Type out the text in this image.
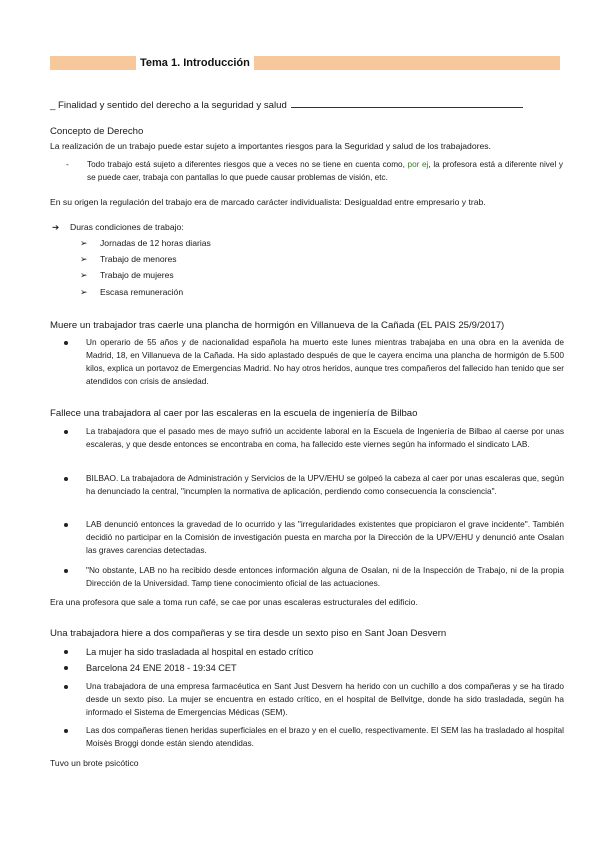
Tema 1. Introducción
_ Finalidad y sentido del derecho a la seguridad y salud
Concepto de Derecho
La realización de un trabajo puede estar sujeto a importantes riesgos para la Seguridad y salud de los trabajadores.
- Todo trabajo está sujeto a diferentes riesgos que a veces no se tiene en cuenta como, por ej, la profesora está a diferente nivel y se puede caer, trabaja con pantallas lo que puede causar problemas de visión, etc.
En su origen la regulación del trabajo era de marcado carácter individualista: Desigualdad entre empresario y trab.
➔ Duras condiciones de trabajo:
➢ Jornadas de 12 horas diarias
➢ Trabajo de menores
➢ Trabajo de mujeres
➢ Escasa remuneración
Muere un trabajador tras caerle una plancha de hormigón en Villanueva de la Cañada (EL PAIS 25/9/2017)
Un operario de 55 años y de nacionalidad española ha muerto este lunes mientras trabajaba en una obra en la avenida de Madrid, 18, en Villanueva de la Cañada. Ha sido aplastado después de que le cayera encima una plancha de hormigón de 5.500 kilos, explica un portavoz de Emergencias Madrid. No hay otros heridos, aunque tres compañeros del fallecido han tenido que ser atendidos con crisis de ansiedad.
Fallece una trabajadora al caer por las escaleras en la escuela de ingeniería de Bilbao
La trabajadora que el pasado mes de mayo sufrió un accidente laboral en la Escuela de Ingeniería de Bilbao al caerse por unas escaleras, y que desde entonces se encontraba en coma, ha fallecido este viernes según ha informado el sindicato LAB.
BILBAO. La trabajadora de Administración y Servicios de la UPV/EHU se golpeó la cabeza al caer por unas escaleras que, según ha denunciado la central, "incumplen la normativa de aplicación, perdiendo como consecuencia la consciencia".
LAB denunció entonces la gravedad de lo ocurrido y las "irregularidades existentes que propiciaron el grave incidente". También decidió no participar en la Comisión de investigación puesta en marcha por la Dirección de la UPV/EHU y denunció ante Osalan las graves carencias detectadas.
"No obstante, LAB no ha recibido desde entonces información alguna de Osalan, ni de la Inspección de Trabajo, ni de la propia Dirección de la Universidad. Tamp tiene conocimiento oficial de las actuaciones.
Era una profesora que sale a toma run café, se cae por unas escaleras estructurales del edificio.
Una trabajadora hiere a dos compañeras y se tira desde un sexto piso en Sant Joan Desvern
La mujer ha sido trasladada al hospital en estado crítico
Barcelona 24 ENE 2018 - 19:34 CET
Una trabajadora de una empresa farmacéutica en Sant Just Desvern ha herido con un cuchillo a dos compañeras y se ha tirado desde un sexto piso. La mujer se encuentra en estado crítico, en el hospital de Bellvitge, donde ha sido trasladada, según ha informado el Sistema de Emergencias Médicas (SEM).
Las dos compañeras tienen heridas superficiales en el brazo y en el cuello, respectivamente. El SEM las ha trasladado al hospital Moisès Broggi donde están siendo atendidas.
Tuvo un brote psicótico
